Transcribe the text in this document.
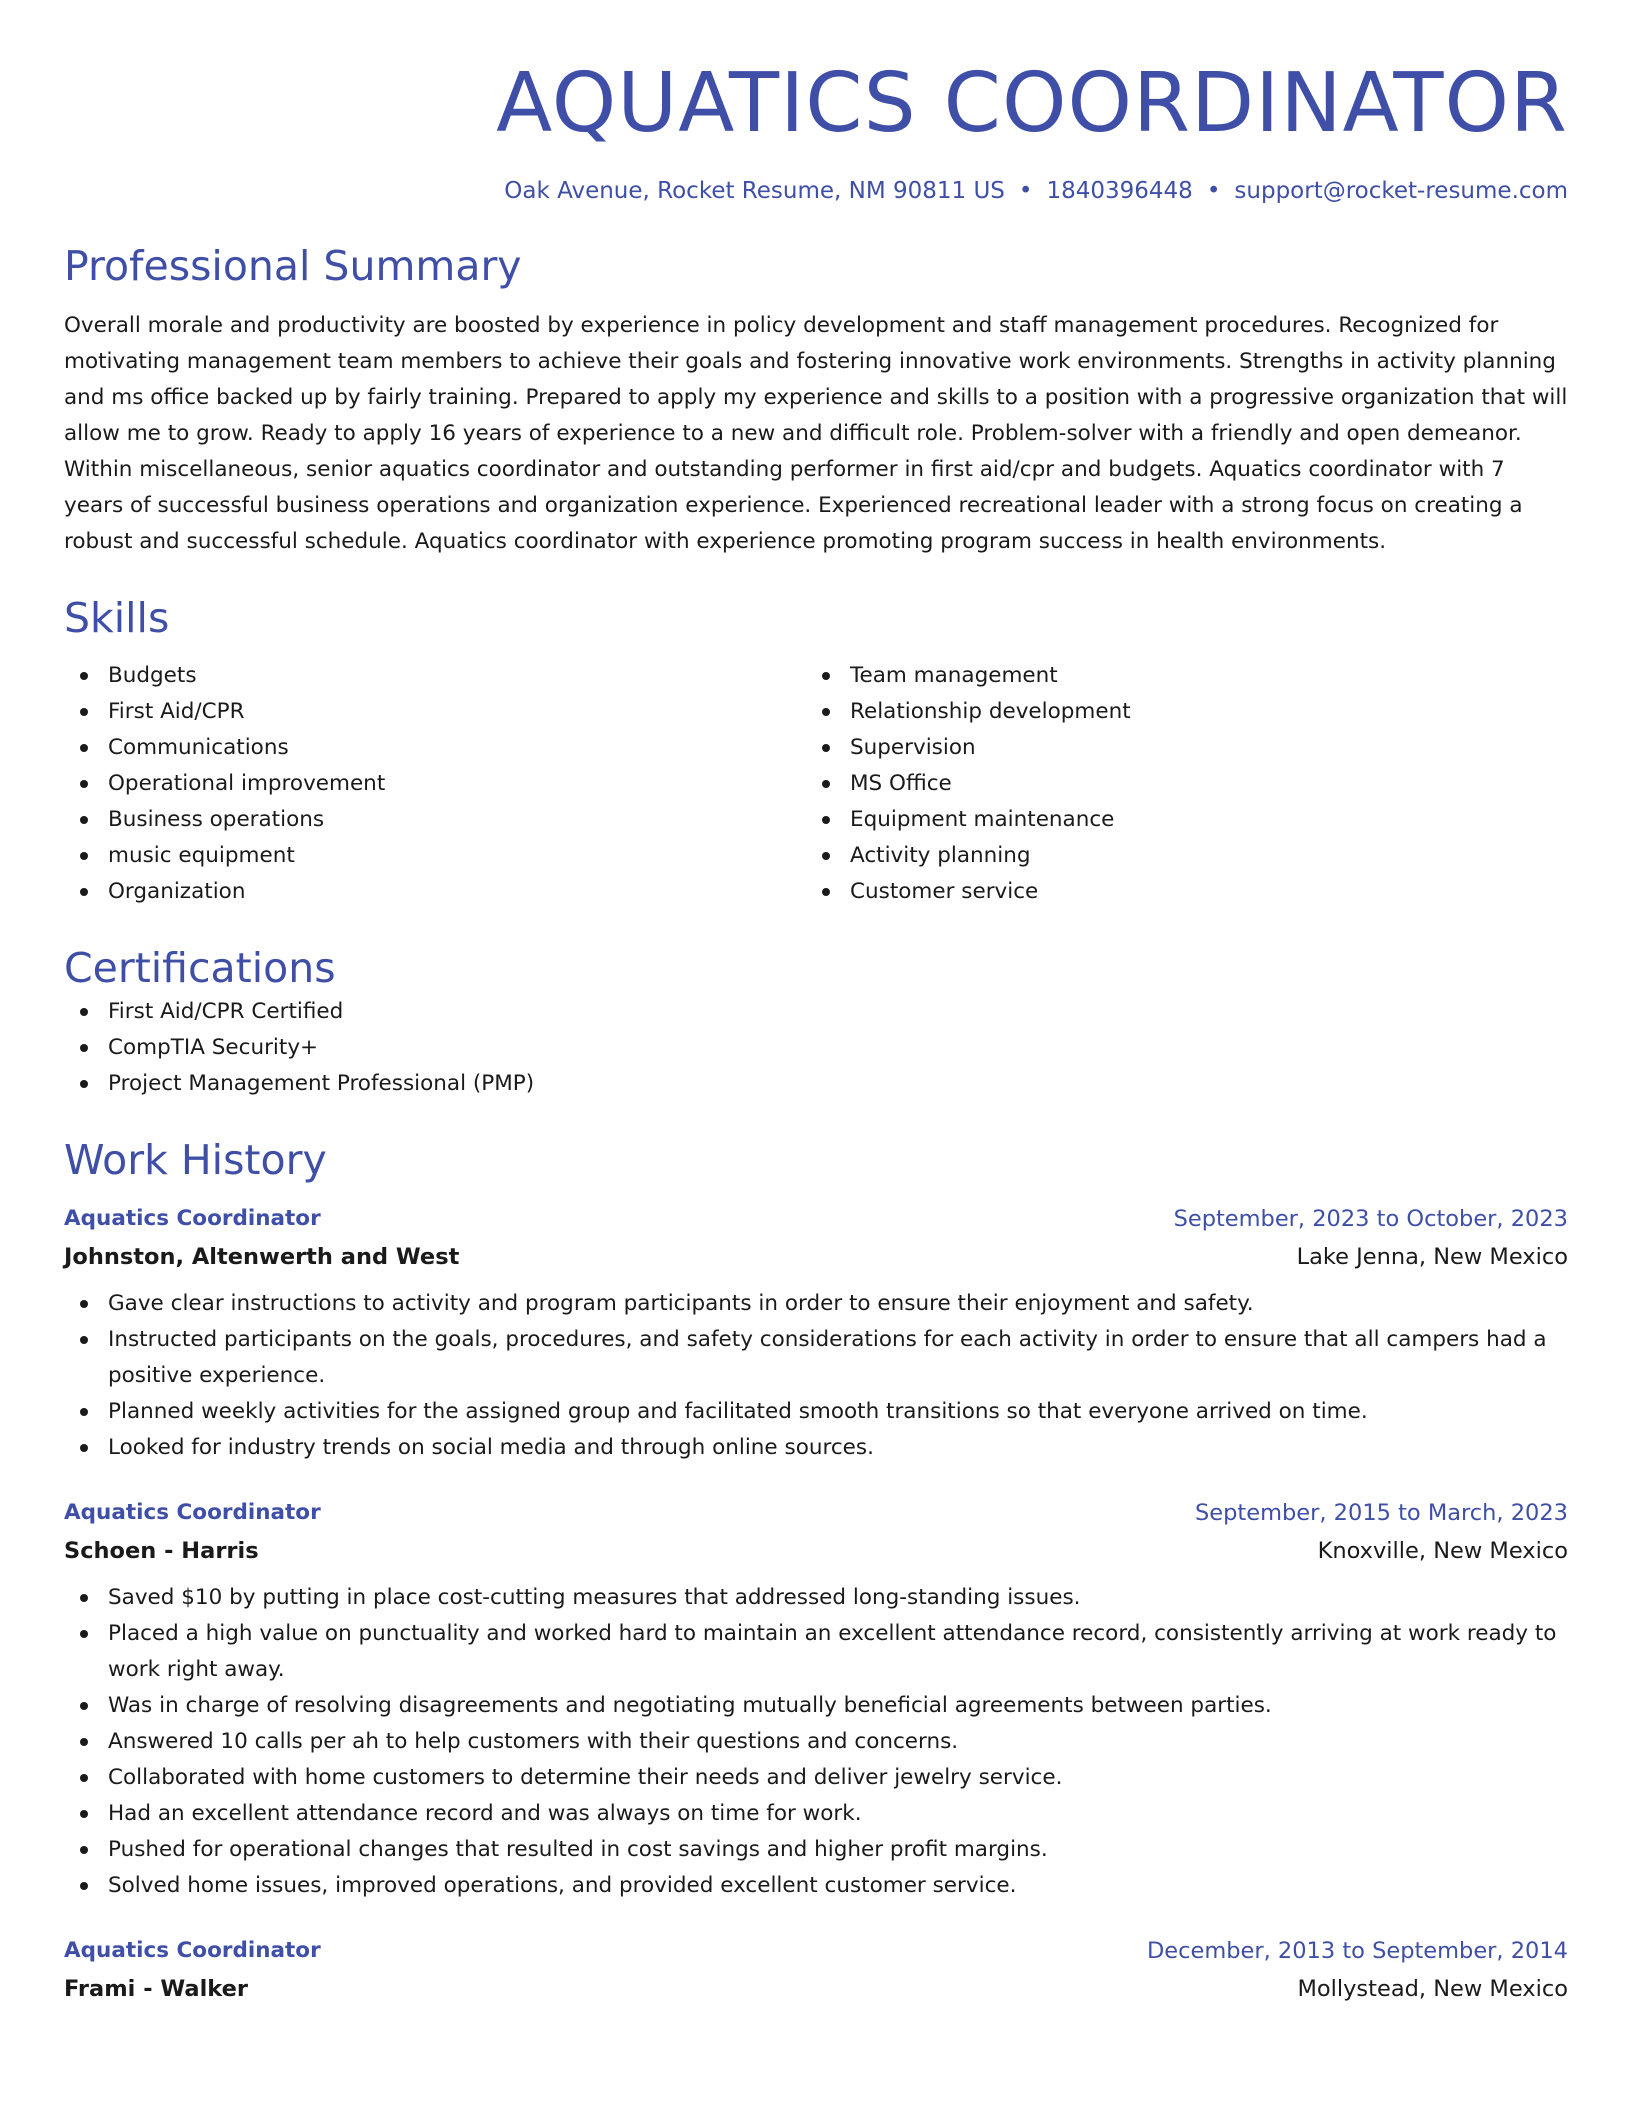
AQUATICS COORDINATOR
Oak Avenue, Rocket Resume, NM 90811 US • 1840396448 • support@rocket-resume.com
Professional Summary
Overall morale and productivity are boosted by experience in policy development and staff management procedures. Recognized for motivating management team members to achieve their goals and fostering innovative work environments. Strengths in activity planning and ms office backed up by fairly training. Prepared to apply my experience and skills to a position with a progressive organization that will allow me to grow. Ready to apply 16 years of experience to a new and difficult role. Problem-solver with a friendly and open demeanor. Within miscellaneous, senior aquatics coordinator and outstanding performer in first aid/cpr and budgets. Aquatics coordinator with 7 years of successful business operations and organization experience. Experienced recreational leader with a strong focus on creating a robust and successful schedule. Aquatics coordinator with experience promoting program success in health environments.
Skills
Budgets
First Aid/CPR
Communications
Operational improvement
Business operations
music equipment
Organization
Team management
Relationship development
Supervision
MS Office
Equipment maintenance
Activity planning
Customer service
Certifications
First Aid/CPR Certified
CompTIA Security+
Project Management Professional (PMP)
Work History
Aquatics Coordinator	September, 2023 to October, 2023
Johnston, Altenwerth and West	Lake Jenna, New Mexico
Gave clear instructions to activity and program participants in order to ensure their enjoyment and safety.
Instructed participants on the goals, procedures, and safety considerations for each activity in order to ensure that all campers had a positive experience.
Planned weekly activities for the assigned group and facilitated smooth transitions so that everyone arrived on time.
Looked for industry trends on social media and through online sources.
Aquatics Coordinator	September, 2015 to March, 2023
Schoen - Harris	Knoxville, New Mexico
Saved $10 by putting in place cost-cutting measures that addressed long-standing issues.
Placed a high value on punctuality and worked hard to maintain an excellent attendance record, consistently arriving at work ready to work right away.
Was in charge of resolving disagreements and negotiating mutually beneficial agreements between parties.
Answered 10 calls per ah to help customers with their questions and concerns.
Collaborated with home customers to determine their needs and deliver jewelry service.
Had an excellent attendance record and was always on time for work.
Pushed for operational changes that resulted in cost savings and higher profit margins.
Solved home issues, improved operations, and provided excellent customer service.
Aquatics Coordinator	December, 2013 to September, 2014
Frami - Walker	Mollystead, New Mexico
